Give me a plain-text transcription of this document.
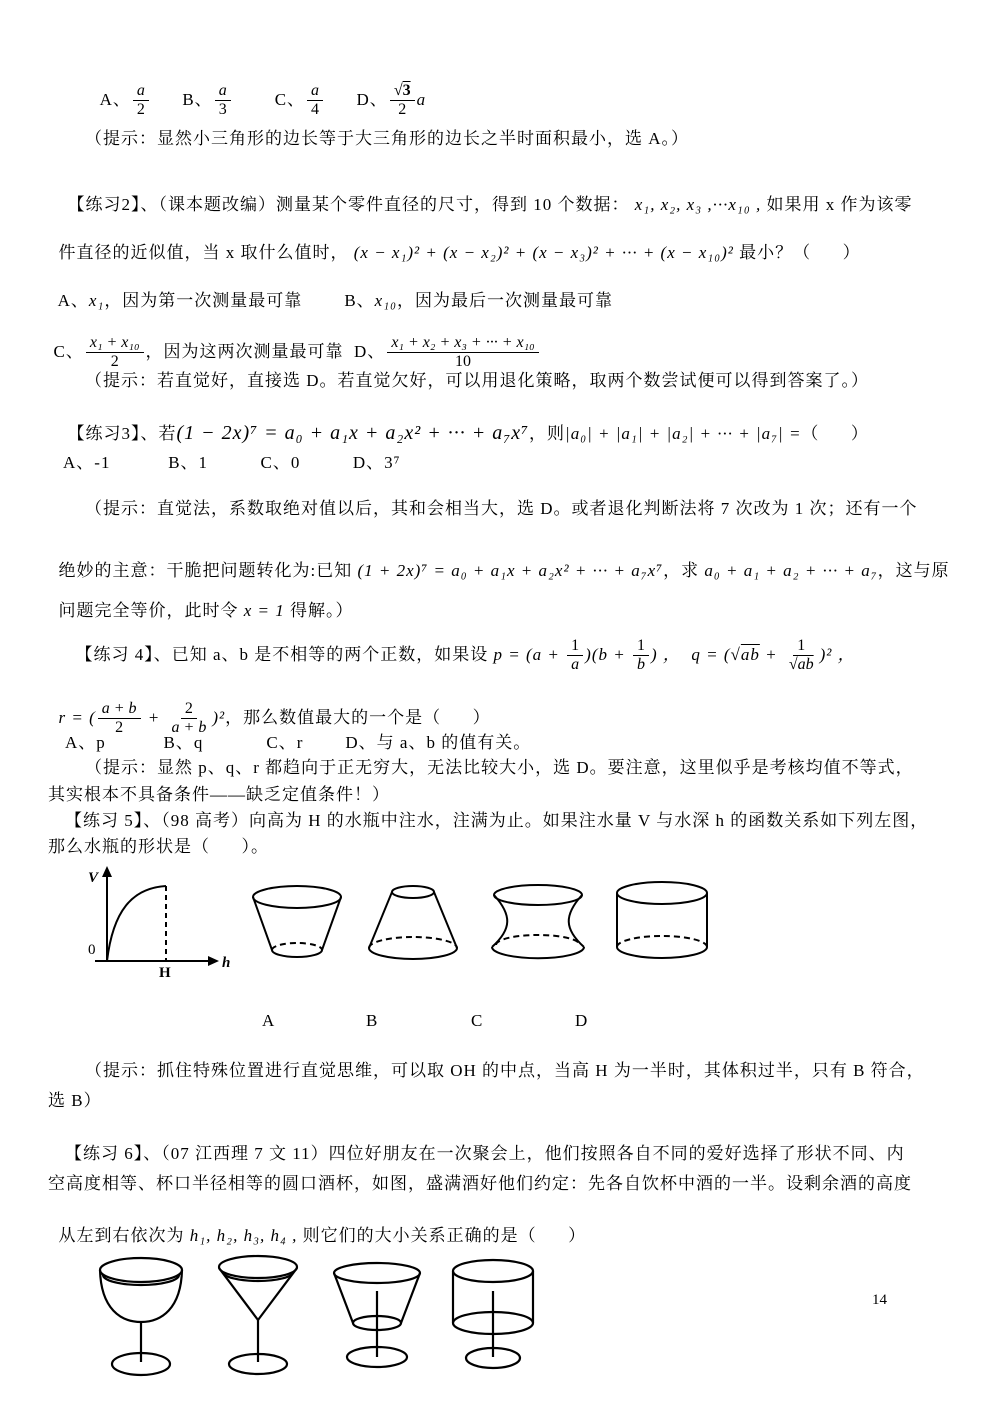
A、 $\frac{a}{2}$ B、 $\frac{a}{3}$ C、 $\frac{a}{4}$ D、 $\frac{√3}{2}$ a

（提示：显然小三角形的边长等于大三角形的边长之半时面积最小，选 A。）

【练习2】、（课本题改编）测量某个零件直径的尺寸，得到 10 个数据： x₁, x₂, x₃ ,···x₁₀ , 如果用 x 作为该零

件直径的近似值，当 x 取什么值时， (x − x₁)² + (x − x₂)² + (x − x₃)² + ··· + (x − x₁₀)² 最小？（      ）

A、x₁，因为第一次测量最可靠        B、x₁₀，因为最后一次测量最可靠

C、 $\frac{\text{x₁ + x₁₀}}{2}$ ，因为这两次测量最可靠  D、 $\frac{\text{x₁ + x₂ + x₃ + ··· + x₁₀}}{10}$

（提示：若直觉好，直接选 D。若直觉欠好，可以用退化策略，取两个数尝试便可以得到答案了。）

【练习3】、若(1 − 2x)⁷ = a₀ + a₁x + a₂x² + ··· + a₇x⁷，则|a₀| + |a₁| + |a₂| + ··· + |a₇| =（      ）

A、-1           B、1          C、0          D、3⁷
（提示：直觉法，系数取绝对值以后，其和会相当大，选 D。或者退化判断法将 7 次改为 1 次；还有一个

绝妙的主意：干脆把问题转化为:已知 (1 + 2x)⁷ = a₀ + a₁x + a₂x² + ··· + a₇x⁷，求 a₀ + a₁ + a₂ + ··· + a₇，这与原

问题完全等价，此时令 x = 1 得解。）

【练习 4】、已知 a、b 是不相等的两个正数，如果设 $p = (a + \frac{1}{a} )(b + \frac{1}{b}$ ) ，  $q = (√ab + \frac{1}{√ab} )^2$ ，

r = ( $\frac{a + b}{2} + \frac{2}{a + b} )^2$，那么数值最大的一个是（      ）

A、p           B、q            C、r        D、与 a、b 的值有关。
（提示：显然 p、q、r 都趋向于正无穷大，无法比较大小，选 D。要注意，这里似乎是考核均值不等式，
其实根本不具备条件——缺乏定值条件！）
【练习 5】、（98 高考）向高为 H 的水瓶中注水，注满为止。如果注水量 V 与水深 h 的函数关系如下列左图，
那么水瓶的形状是（      ）。
V
0
H
h
A	B	C	D
（提示：抓住特殊位置进行直觉思维，可以取 OH 的中点，当高 H 为一半时，其体积过半，只有 B 符合，
选 B）
【练习 6】、（07 江西理 7 文 11）四位好朋友在一次聚会上，他们按照各自不同的爱好选择了形状不同、内
空高度相等、杯口半径相等的圆口酒杯，如图，盛满酒好他们约定：先各自饮杯中酒的一半。设剩余酒的高度

从左到右依次为 h₁, h₂, h₃, h₄ , 则它们的大小关系正确的是（      ）

14
